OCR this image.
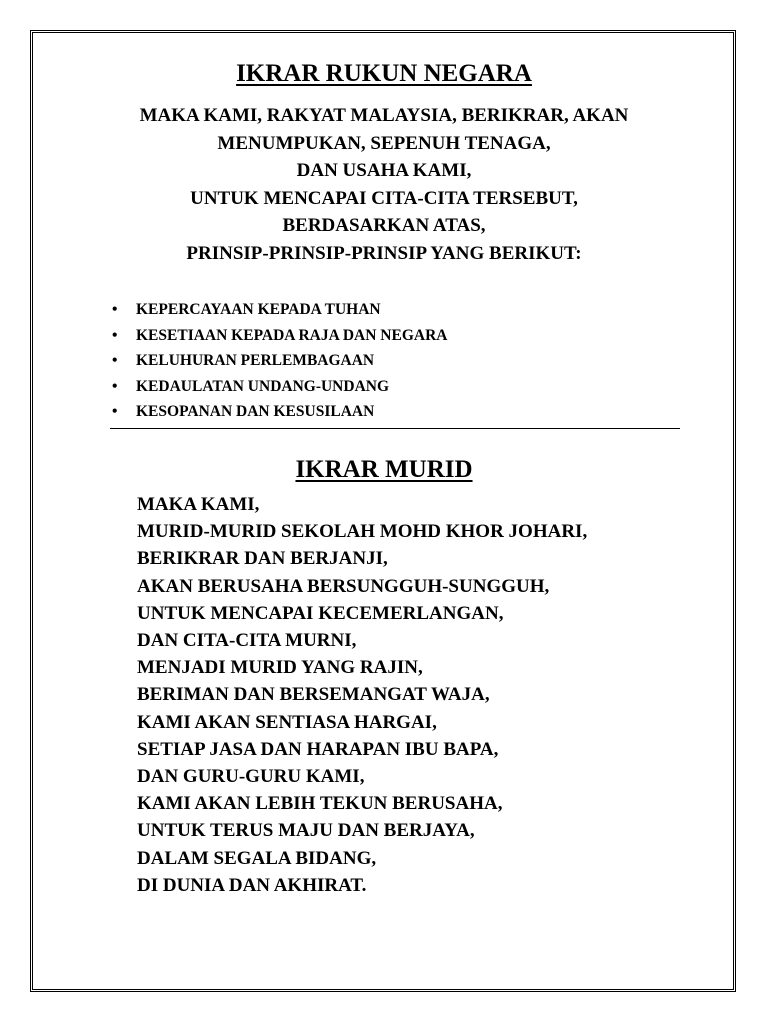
IKRAR RUKUN NEGARA
MAKA KAMI, RAKYAT MALAYSIA, BERIKRAR, AKAN
MENUMPUKAN, SEPENUH TENAGA,
DAN USAHA KAMI,
UNTUK MENCAPAI CITA-CITA TERSEBUT,
BERDASARKAN ATAS,
PRINSIP-PRINSIP-PRINSIP YANG BERIKUT:
• KEPERCAYAAN KEPADA TUHAN
• KESETIAAN KEPADA RAJA DAN NEGARA
• KELUHURAN PERLEMBAGAAN
• KEDAULATAN UNDANG-UNDANG
• KESOPANAN DAN KESUSILAAN
IKRAR MURID
MAKA KAMI,
MURID-MURID SEKOLAH MOHD KHOR JOHARI,
BERIKRAR DAN BERJANJI,
AKAN BERUSAHA BERSUNGGUH-SUNGGUH,
UNTUK MENCAPAI KECEMERLANGAN,
DAN CITA-CITA MURNI,
MENJADI MURID YANG RAJIN,
BERIMAN DAN BERSEMANGAT WAJA,
KAMI AKAN SENTIASA HARGAI,
SETIAP JASA DAN HARAPAN IBU BAPA,
DAN GURU-GURU KAMI,
KAMI AKAN LEBIH TEKUN BERUSAHA,
UNTUK TERUS MAJU DAN BERJAYA,
DALAM SEGALA BIDANG,
DI DUNIA DAN AKHIRAT.
